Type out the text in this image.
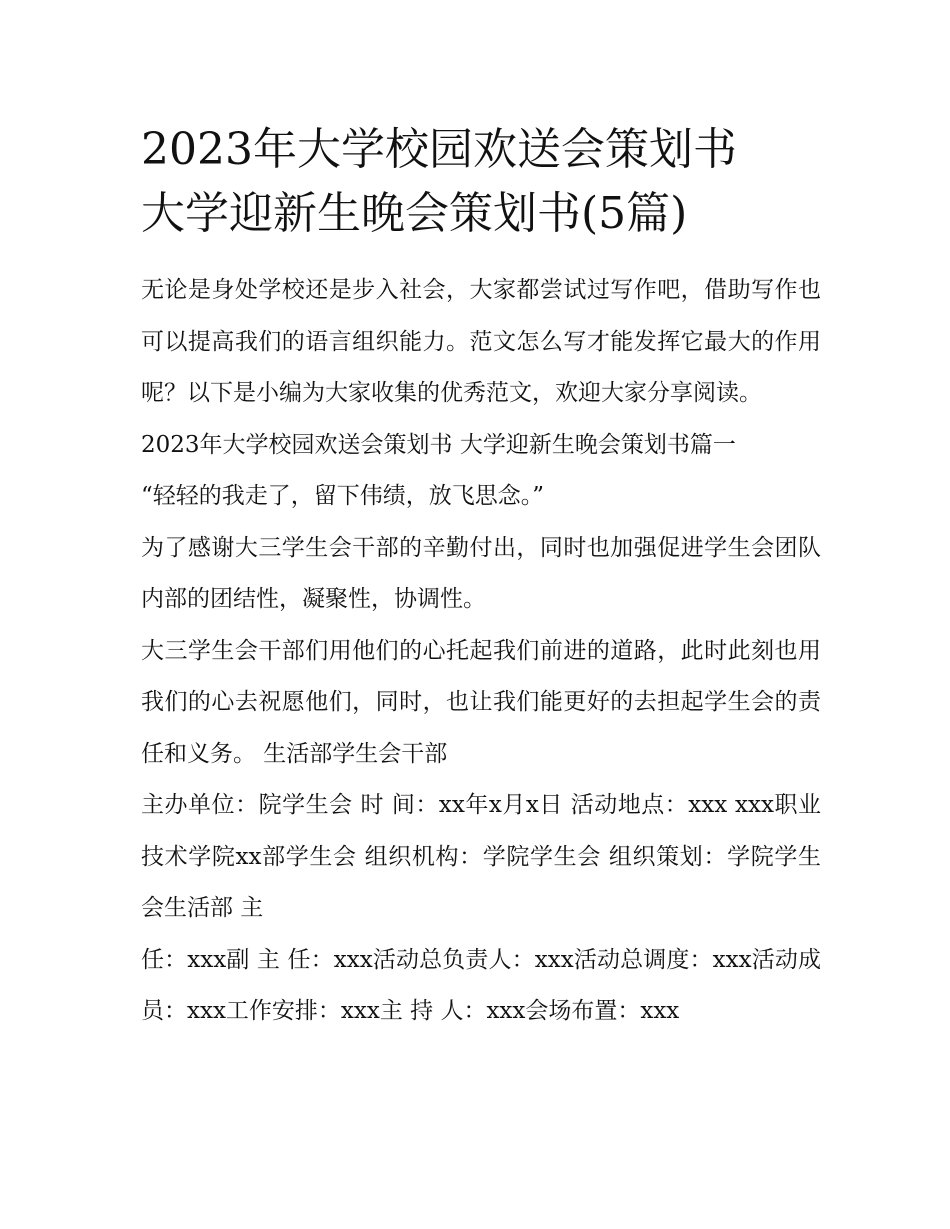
2023年大学校园欢送会策划书
大学迎新生晚会策划书(5篇)

无论是身处学校还是步入社会，大家都尝试过写作吧，借助写作也可以提高我们的语言组织能力。范文怎么写才能发挥它最大的作用呢？以下是小编为大家收集的优秀范文，欢迎大家分享阅读。

2023年大学校园欢送会策划书 大学迎新生晚会策划书篇一

“轻轻的我走了，留下伟绩，放飞思念。”

为了感谢大三学生会干部的辛勤付出，同时也加强促进学生会团队内部的团结性，凝聚性，协调性。

大三学生会干部们用他们的心托起我们前进的道路，此时此刻也用我们的心去祝愿他们，同时，也让我们能更好的去担起学生会的责任和义务。 生活部学生会干部

主办单位：院学生会 时 间：xx年x月x日 活动地点：xxx xxx职业技术学院xx部学生会 组织机构：学院学生会 组织策划：学院学生会生活部 主

任：xxx副 主 任：xxx活动总负责人：xxx活动总调度：xxx活动成员：xxx工作安排：xxx主 持 人：xxx会场布置：xxx
